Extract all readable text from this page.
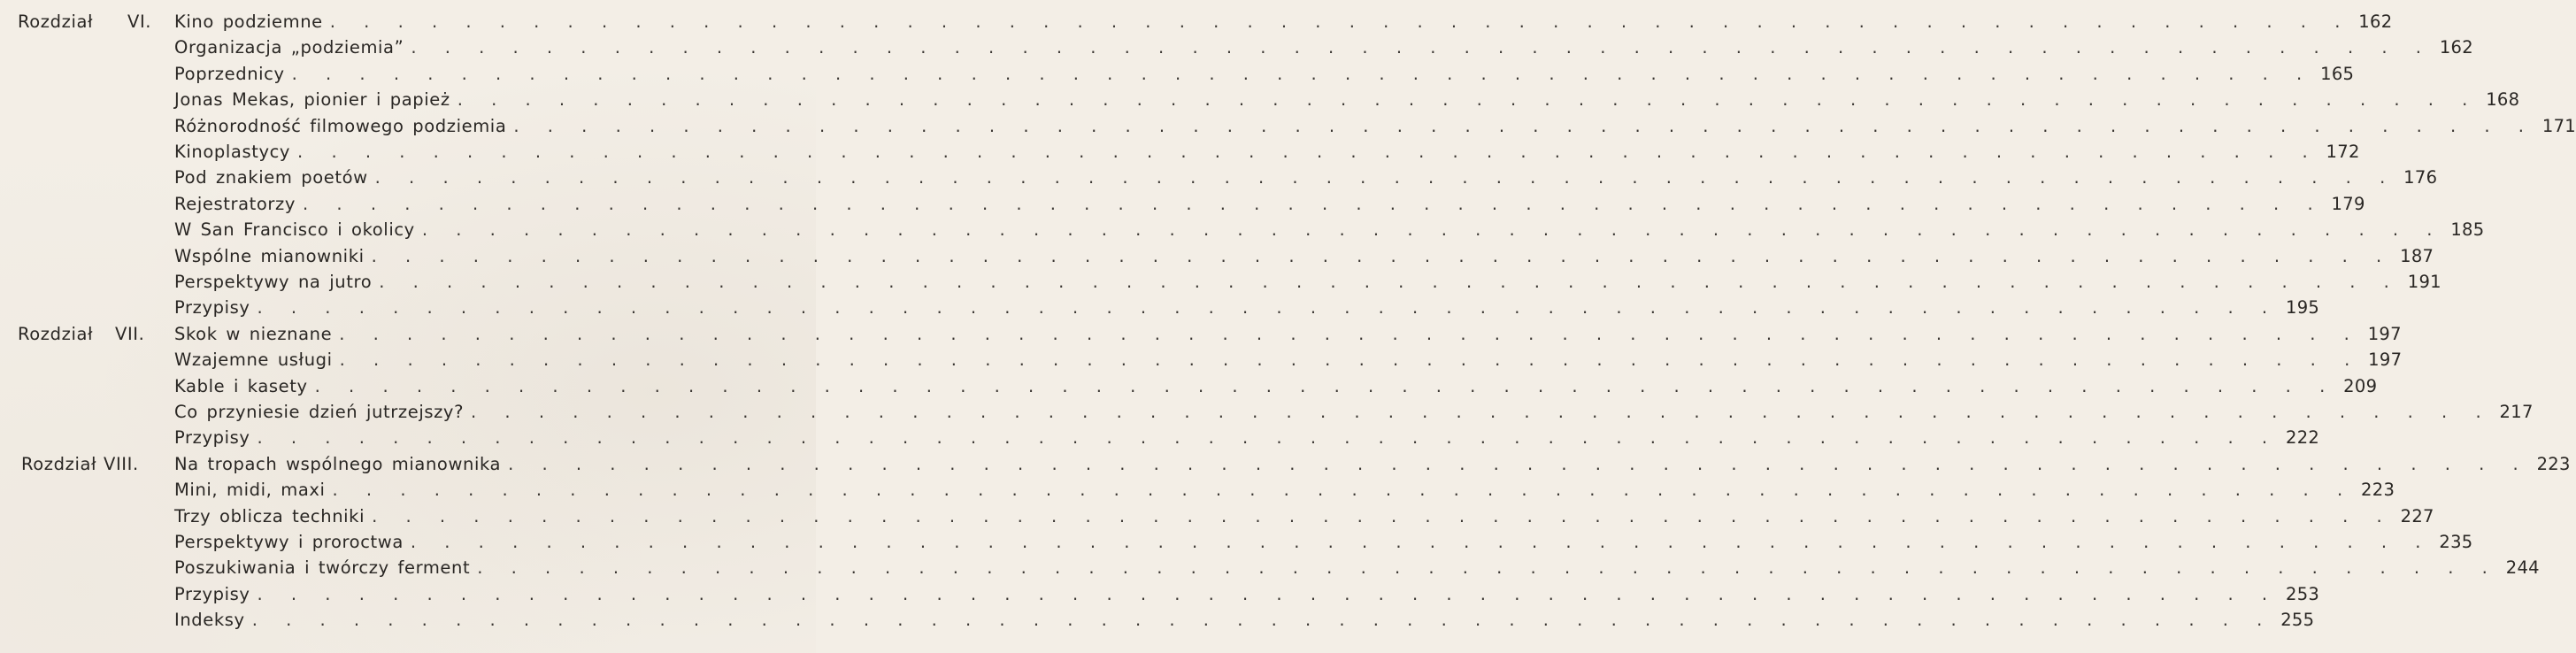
Rozdział VI. Kino podziemne . . . . . . . . . . . . . . . . . . . . . . . . . . . . . . . . . . . . . . . . . . . . . . . . . . . . . . . . . . . . 162
Organizacja „podziemia” . . . . . . . . . . . . . . . . . . . . . . . . . . . . . . . . . . . . . . . . . . . . . . . . . . . . . . . . . . . . 162
Poprzednicy . . . . . . . . . . . . . . . . . . . . . . . . . . . . . . . . . . . . . . . . . . . . . . . . . . . . . . . . . . . . 165
Jonas Mekas, pionier i papież . . . . . . . . . . . . . . . . . . . . . . . . . . . . . . . . . . . . . . . . . . . . . . . . . . . . . . . . . . . . 168
Różnorodność filmowego podziemia . . . . . . . . . . . . . . . . . . . . . . . . . . . . . . . . . . . . . . . . . . . . . . . . . . . . . . . . . . . . 171
Kinoplastycy . . . . . . . . . . . . . . . . . . . . . . . . . . . . . . . . . . . . . . . . . . . . . . . . . . . . . . . . . . . . 172
Pod znakiem poetów . . . . . . . . . . . . . . . . . . . . . . . . . . . . . . . . . . . . . . . . . . . . . . . . . . . . . . . . . . . . 176
Rejestratorzy . . . . . . . . . . . . . . . . . . . . . . . . . . . . . . . . . . . . . . . . . . . . . . . . . . . . . . . . . . . . 179
W San Francisco i okolicy . . . . . . . . . . . . . . . . . . . . . . . . . . . . . . . . . . . . . . . . . . . . . . . . . . . . . . . . . . . . 185
Wspólne mianowniki . . . . . . . . . . . . . . . . . . . . . . . . . . . . . . . . . . . . . . . . . . . . . . . . . . . . . . . . . . . . 187
Perspektywy na jutro . . . . . . . . . . . . . . . . . . . . . . . . . . . . . . . . . . . . . . . . . . . . . . . . . . . . . . . . . . . . 191
Przypisy . . . . . . . . . . . . . . . . . . . . . . . . . . . . . . . . . . . . . . . . . . . . . . . . . . . . . . . . . . . . 195
Rozdział VII. Skok w nieznane . . . . . . . . . . . . . . . . . . . . . . . . . . . . . . . . . . . . . . . . . . . . . . . . . . . . . . . . . . . . 197
Wzajemne usługi . . . . . . . . . . . . . . . . . . . . . . . . . . . . . . . . . . . . . . . . . . . . . . . . . . . . . . . . . . . . 197
Kable i kasety . . . . . . . . . . . . . . . . . . . . . . . . . . . . . . . . . . . . . . . . . . . . . . . . . . . . . . . . . . . . 209
Co przyniesie dzień jutrzejszy? . . . . . . . . . . . . . . . . . . . . . . . . . . . . . . . . . . . . . . . . . . . . . . . . . . . . . . . . . . . . 217
Przypisy . . . . . . . . . . . . . . . . . . . . . . . . . . . . . . . . . . . . . . . . . . . . . . . . . . . . . . . . . . . . 222
Rozdział VIII. Na tropach wspólnego mianownika . . . . . . . . . . . . . . . . . . . . . . . . . . . . . . . . . . . . . . . . . . . . . . . . . . . . . . . . . . . . 223
Mini, midi, maxi . . . . . . . . . . . . . . . . . . . . . . . . . . . . . . . . . . . . . . . . . . . . . . . . . . . . . . . . . . . . 223
Trzy oblicza techniki . . . . . . . . . . . . . . . . . . . . . . . . . . . . . . . . . . . . . . . . . . . . . . . . . . . . . . . . . . . . 227
Perspektywy i proroctwa . . . . . . . . . . . . . . . . . . . . . . . . . . . . . . . . . . . . . . . . . . . . . . . . . . . . . . . . . . . . 235
Poszukiwania i twórczy ferment . . . . . . . . . . . . . . . . . . . . . . . . . . . . . . . . . . . . . . . . . . . . . . . . . . . . . . . . . . . . 244
Przypisy . . . . . . . . . . . . . . . . . . . . . . . . . . . . . . . . . . . . . . . . . . . . . . . . . . . . . . . . . . . . 253
Indeksy . . . . . . . . . . . . . . . . . . . . . . . . . . . . . . . . . . . . . . . . . . . . . . . . . . . . . . . . . . . . 255
